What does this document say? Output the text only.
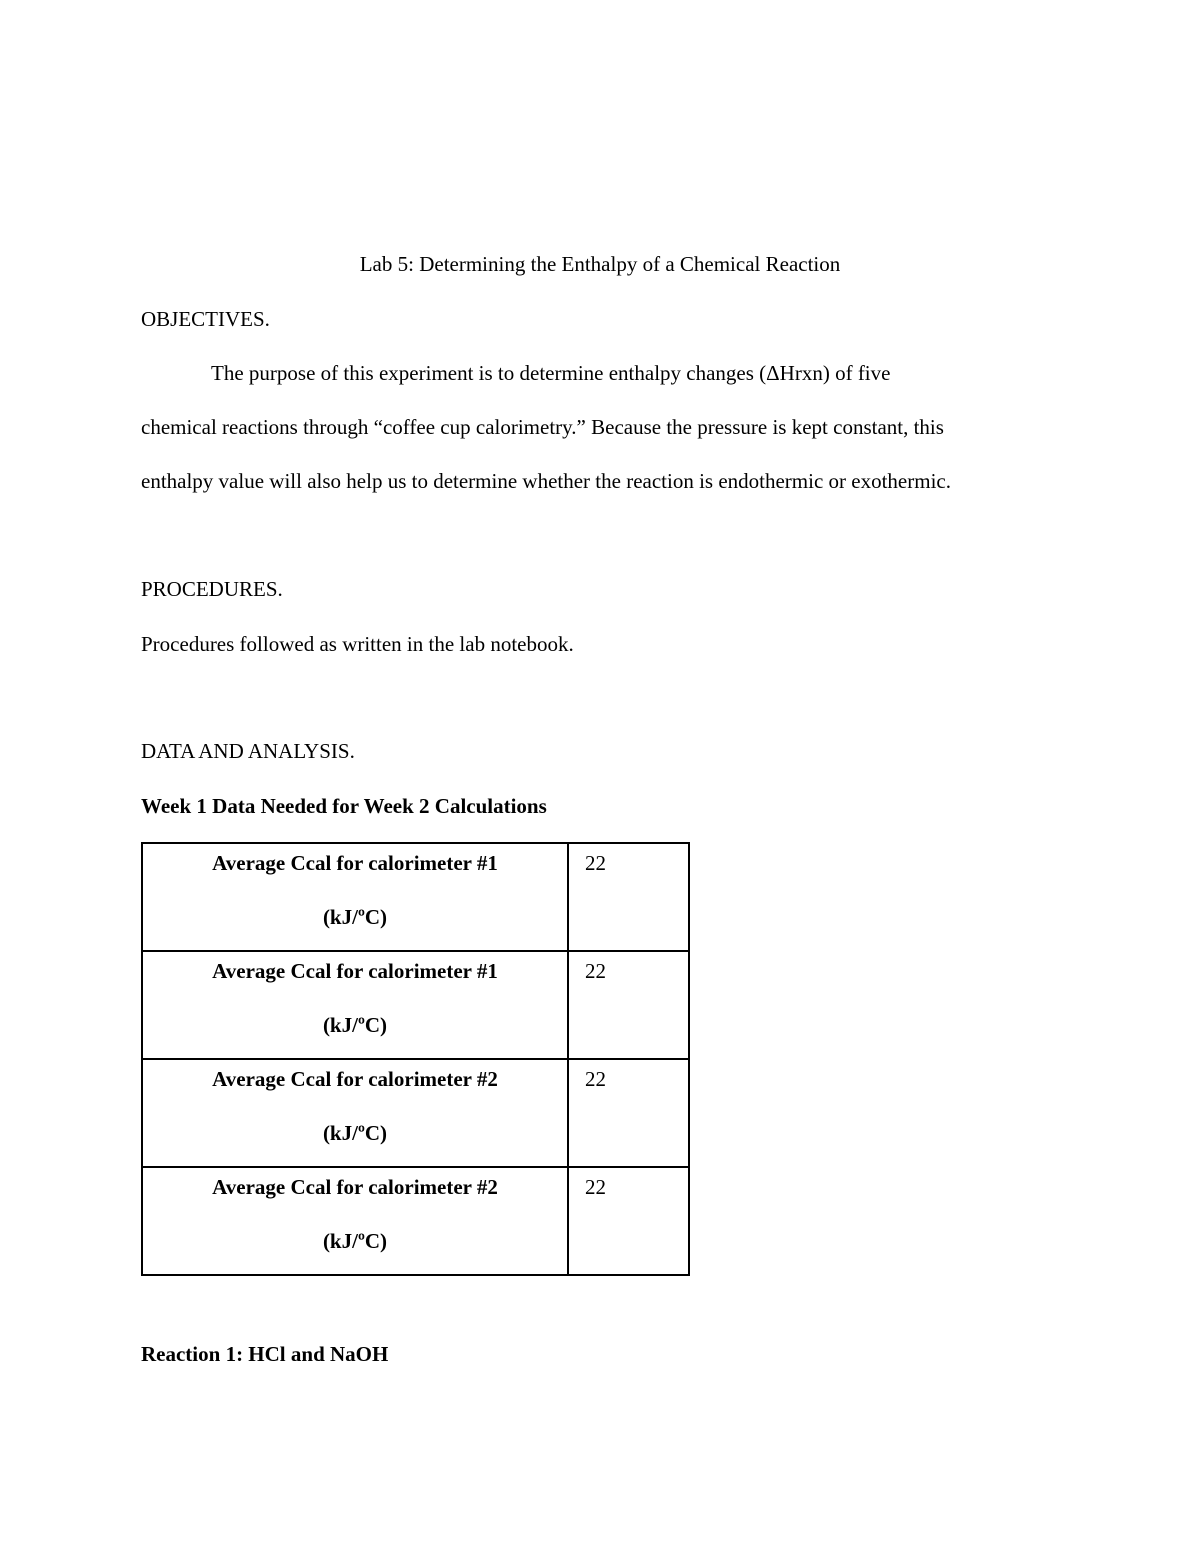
Lab 5: Determining the Enthalpy of a Chemical Reaction
OBJECTIVES.
The purpose of this experiment is to determine enthalpy changes (ΔHrxn) of five
chemical reactions through “coffee cup calorimetry.” Because the pressure is kept constant, this
enthalpy value will also help us to determine whether the reaction is endothermic or exothermic.
PROCEDURES.
Procedures followed as written in the lab notebook.
DATA AND ANALYSIS.
Week 1 Data Needed for Week 2 Calculations
Average Ccal for calorimeter #1
(kJ/ºC)	22

Average Ccal for calorimeter #1
(kJ/ºC)	22

Average Ccal for calorimeter #2
(kJ/ºC)	22

Average Ccal for calorimeter #2
(kJ/ºC)	22
Reaction 1: HCl and NaOH
